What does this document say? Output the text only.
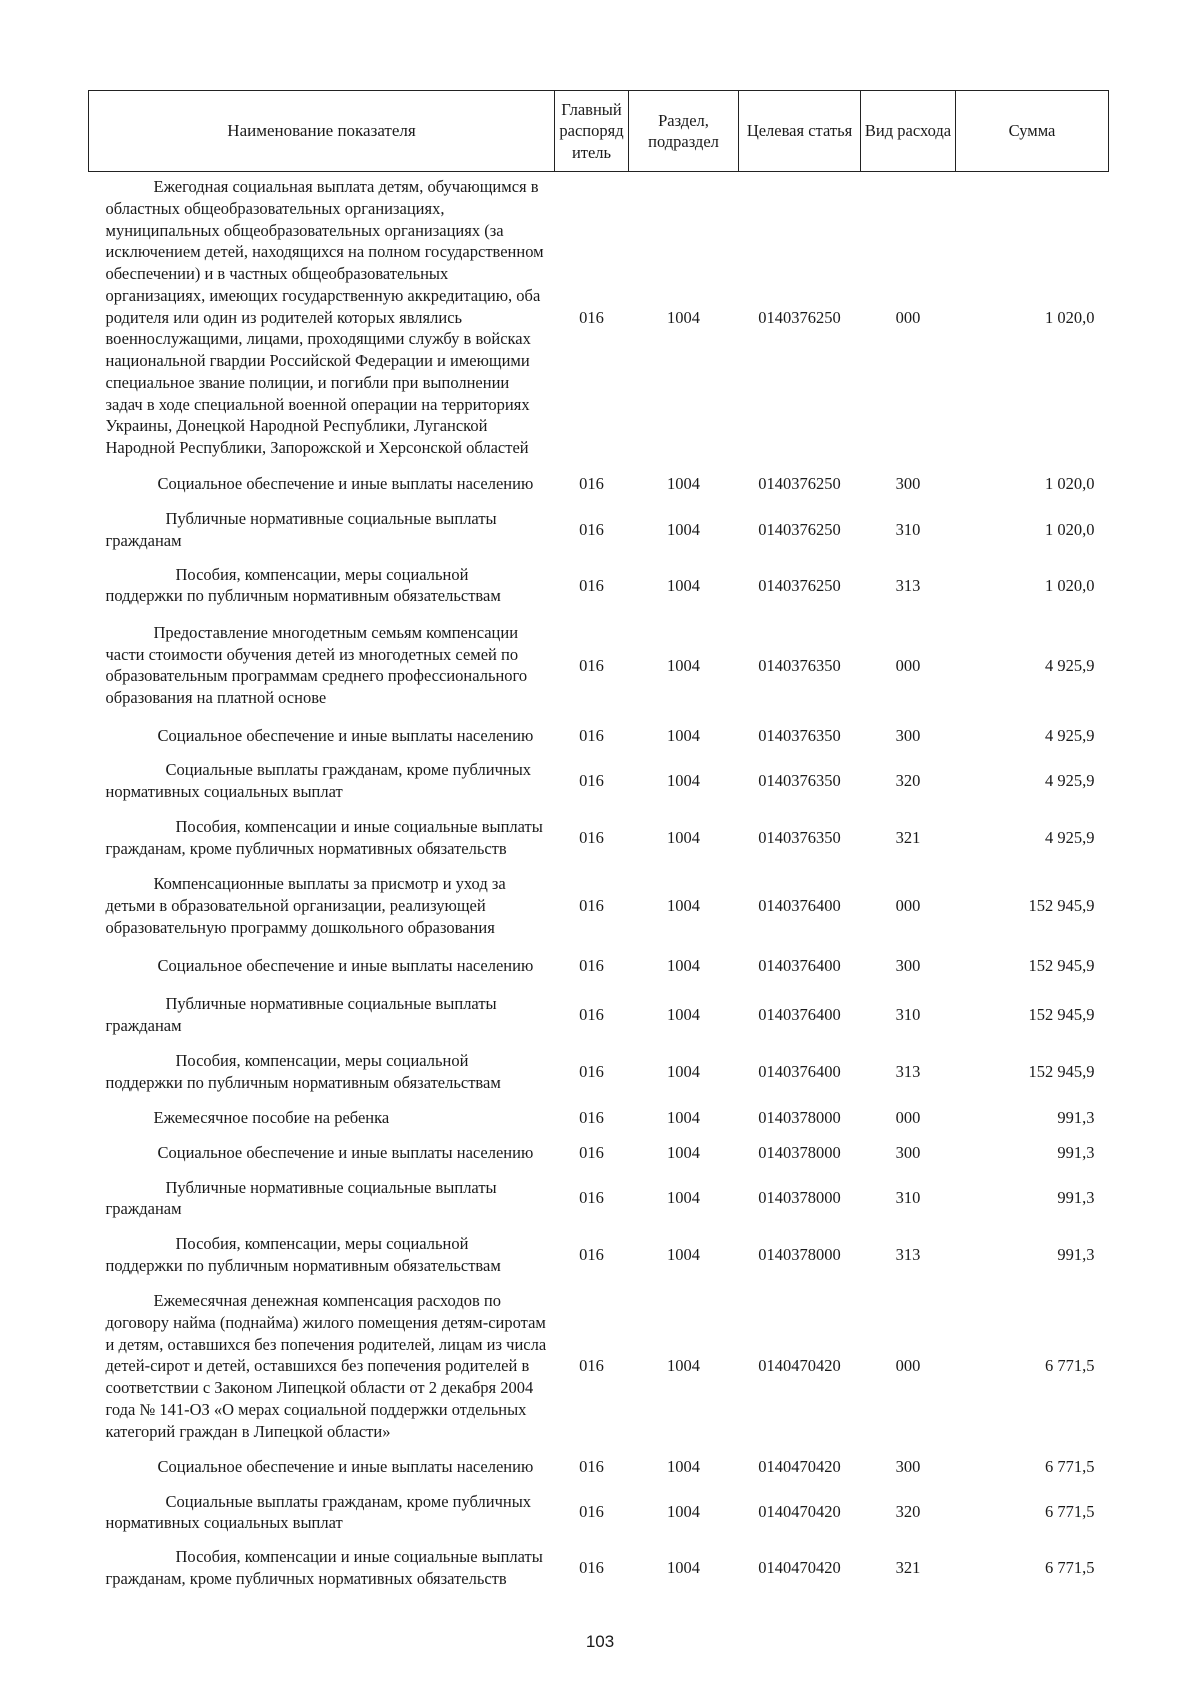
Наименование показателя	Главный распоряд итель	Раздел, подраздел	Целевая статья	Вид расхода	Сумма

Ежегодная социальная выплата детям, обучающимся в областных общеобразовательных организациях, муниципальных общеобразовательных организациях (за исключением детей, находящихся на полном государственном обеспечении) и в частных общеобразовательных организациях, имеющих государственную аккредитацию, оба родителя или один из родителей которых являлись военнослужащими, лицами, проходящими службу в войсках национальной гвардии Российской Федерации и имеющими специальное звание полиции, и погибли при выполнении задач в ходе специальной военной операции на территориях Украины, Донецкой Народной Республики, Луганской Народной Республики, Запорожской и Херсонской областей	016	1004	0140376250	000	1 020,0

Социальное обеспечение и иные выплаты населению	016	1004	0140376250	300	1 020,0

Публичные нормативные социальные выплаты гражданам	016	1004	0140376250	310	1 020,0

Пособия, компенсации, меры социальной поддержки по публичным нормативным обязательствам	016	1004	0140376250	313	1 020,0

Предоставление многодетным семьям компенсации части стоимости обучения детей из многодетных семей по образовательным программам среднего профессионального образования на платной основе	016	1004	0140376350	000	4 925,9

Социальное обеспечение и иные выплаты населению	016	1004	0140376350	300	4 925,9

Социальные выплаты гражданам, кроме публичных нормативных социальных выплат	016	1004	0140376350	320	4 925,9

Пособия, компенсации и иные социальные выплаты гражданам, кроме публичных нормативных обязательств	016	1004	0140376350	321	4 925,9

Компенсационные выплаты за присмотр и уход за детьми в образовательной организации, реализующей образовательную программу дошкольного образования	016	1004	0140376400	000	152 945,9

Социальное обеспечение и иные выплаты населению	016	1004	0140376400	300	152 945,9

Публичные нормативные социальные выплаты гражданам	016	1004	0140376400	310	152 945,9

Пособия, компенсации, меры социальной поддержки по публичным нормативным обязательствам	016	1004	0140376400	313	152 945,9

Ежемесячное пособие на ребенка	016	1004	0140378000	000	991,3

Социальное обеспечение и иные выплаты населению	016	1004	0140378000	300	991,3

Публичные нормативные социальные выплаты гражданам	016	1004	0140378000	310	991,3

Пособия, компенсации, меры социальной поддержки по публичным нормативным обязательствам	016	1004	0140378000	313	991,3

Ежемесячная денежная компенсация расходов по договору найма (поднайма) жилого помещения детям-сиротам и детям, оставшихся без попечения родителей, лицам из числа детей-сирот и детей, оставшихся без попечения родителей в соответствии с Законом Липецкой области от 2 декабря 2004 года № 141-ОЗ «О мерах социальной поддержки отдельных категорий граждан в Липецкой области»	016	1004	0140470420	000	6 771,5

Социальное обеспечение и иные выплаты населению	016	1004	0140470420	300	6 771,5

Социальные выплаты гражданам, кроме публичных нормативных социальных выплат	016	1004	0140470420	320	6 771,5

Пособия, компенсации и иные социальные выплаты гражданам, кроме публичных нормативных обязательств	016	1004	0140470420	321	6 771,5
103
